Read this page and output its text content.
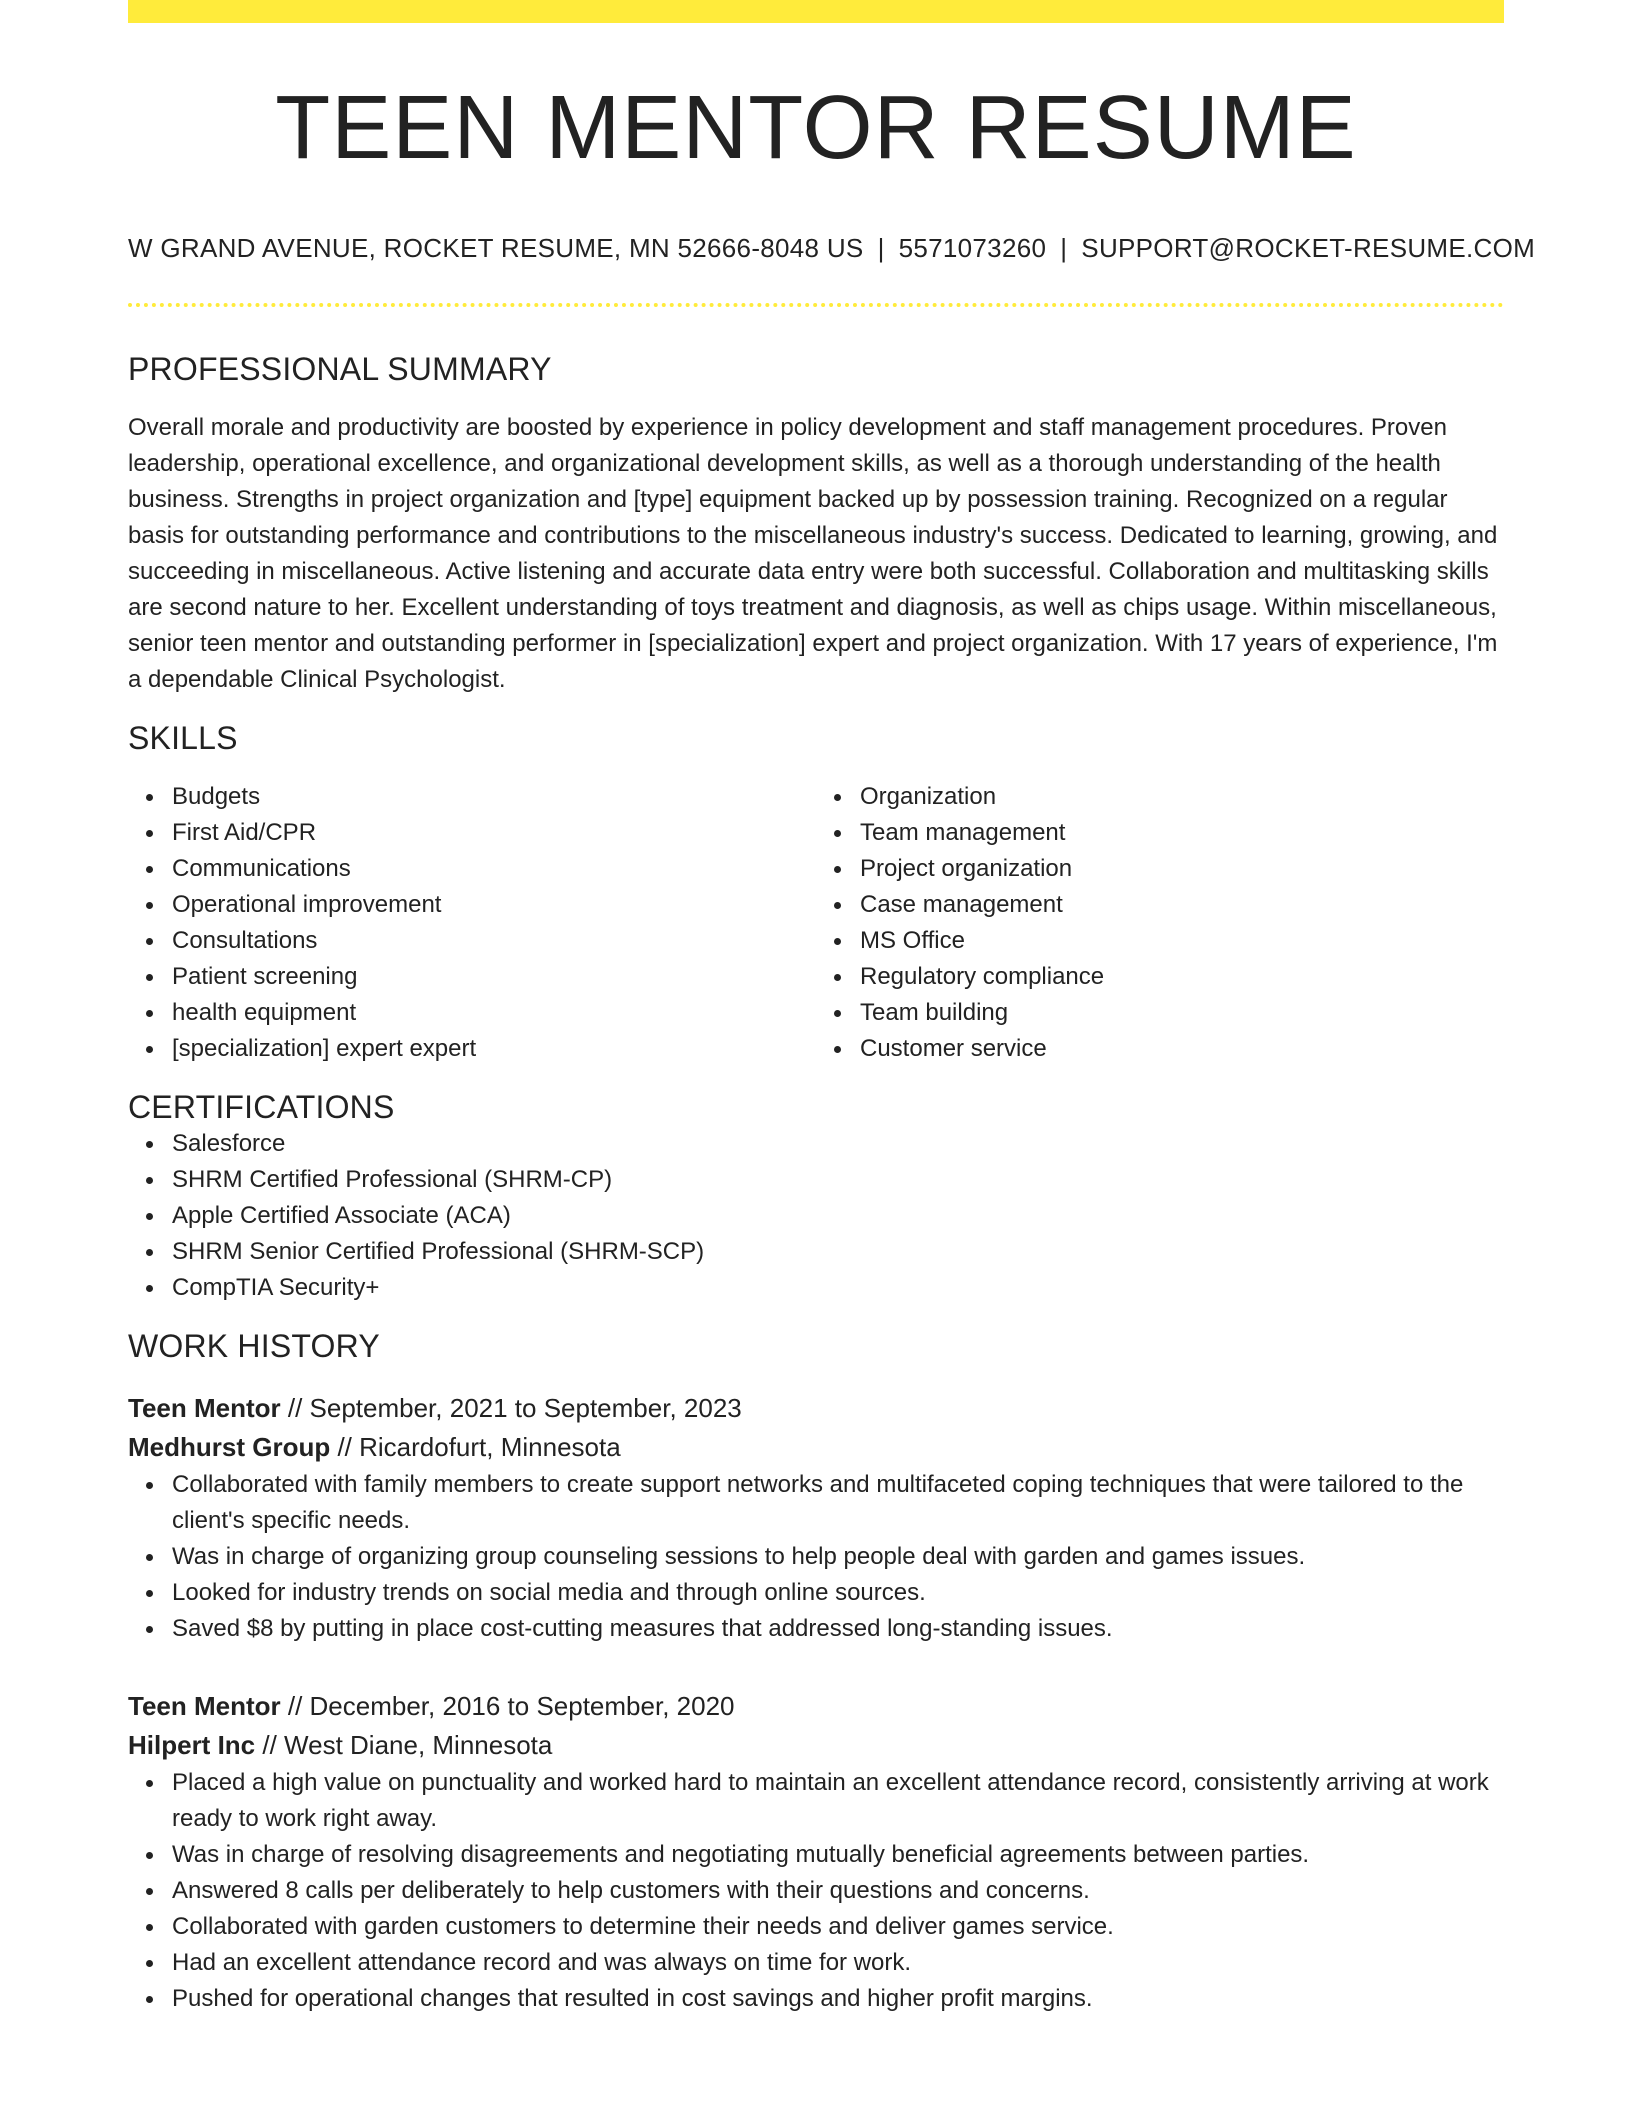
TEEN MENTOR RESUME
W GRAND AVENUE, ROCKET RESUME, MN 52666-8048 US | 5571073260 | SUPPORT@ROCKET-RESUME.COM
PROFESSIONAL SUMMARY

Overall morale and productivity are boosted by experience in policy development and staff management procedures. Proven leadership, operational excellence, and organizational development skills, as well as a thorough understanding of the health business. Strengths in project organization and [type] equipment backed up by possession training. Recognized on a regular basis for outstanding performance and contributions to the miscellaneous industry's success. Dedicated to learning, growing, and succeeding in miscellaneous. Active listening and accurate data entry were both successful. Collaboration and multitasking skills are second nature to her. Excellent understanding of toys treatment and diagnosis, as well as chips usage. Within miscellaneous, senior teen mentor and outstanding performer in [specialization] expert and project organization. With 17 years of experience, I'm a dependable Clinical Psychologist.

SKILLS
Budgets
First Aid/CPR
Communications
Operational improvement
Consultations
Patient screening
health equipment
[specialization] expert expert
Organization
Team management
Project organization
Case management
MS Office
Regulatory compliance
Team building
Customer service
CERTIFICATIONS
Salesforce
SHRM Certified Professional (SHRM-CP)
Apple Certified Associate (ACA)
SHRM Senior Certified Professional (SHRM-SCP)
CompTIA Security+
WORK HISTORY
Teen Mentor // September, 2021 to September, 2023
Medhurst Group // Ricardofurt, Minnesota
Collaborated with family members to create support networks and multifaceted coping techniques that were tailored to the client's specific needs.
Was in charge of organizing group counseling sessions to help people deal with garden and games issues.
Looked for industry trends on social media and through online sources.
Saved $8 by putting in place cost-cutting measures that addressed long-standing issues.
Teen Mentor // December, 2016 to September, 2020
Hilpert Inc // West Diane, Minnesota
Placed a high value on punctuality and worked hard to maintain an excellent attendance record, consistently arriving at work ready to work right away.
Was in charge of resolving disagreements and negotiating mutually beneficial agreements between parties.
Answered 8 calls per deliberately to help customers with their questions and concerns.
Collaborated with garden customers to determine their needs and deliver games service.
Had an excellent attendance record and was always on time for work.
Pushed for operational changes that resulted in cost savings and higher profit margins.
